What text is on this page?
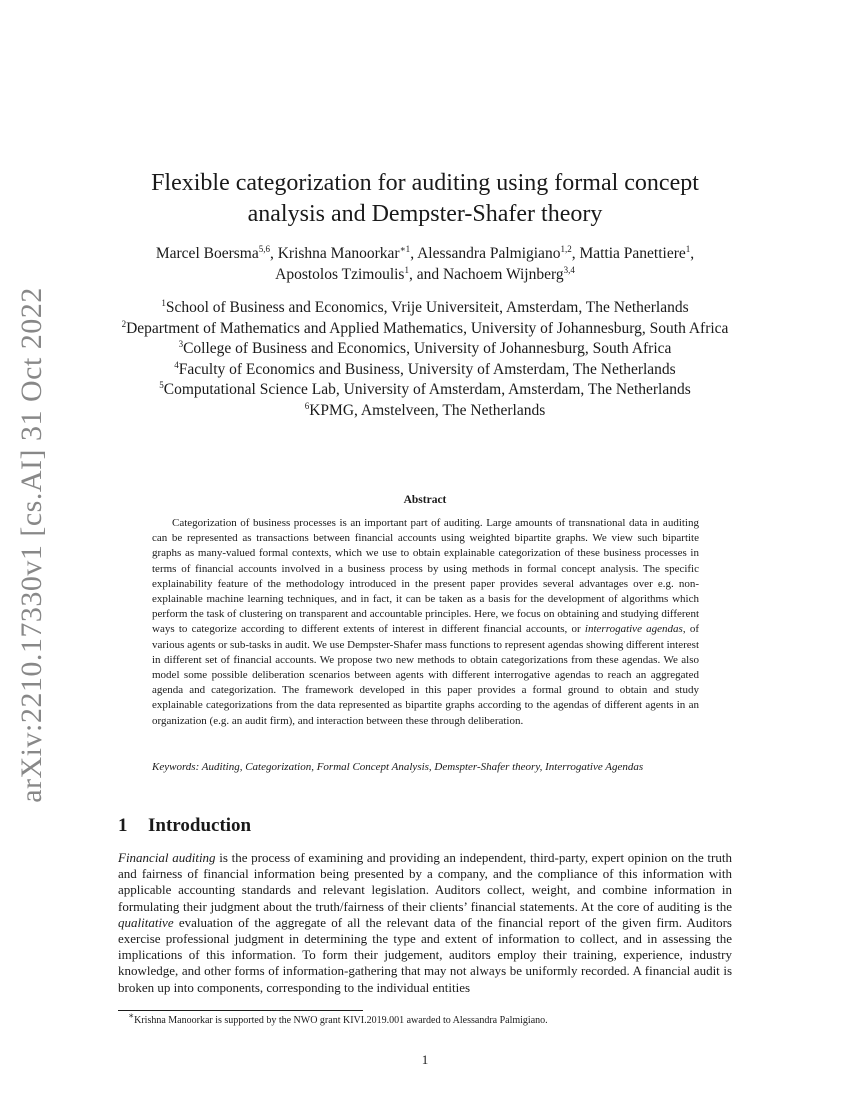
arXiv:2210.17330v1 [cs.AI] 31 Oct 2022
Flexible categorization for auditing using formal concept
analysis and Dempster-Shafer theory
Marcel Boersma$^{5,6}$, Krishna Manoorkar$^{∗1}$, Alessandra Palmigiano$^{1,2}$, Mattia Panettiere$^1$,
Apostolos Tzimoulis$^1$, and Nachoem Wijnberg$^{3,4}$
$^1$School of Business and Economics, Vrije Universiteit, Amsterdam, The Netherlands
$^2$Department of Mathematics and Applied Mathematics, University of Johannesburg, South Africa
$^3$College of Business and Economics, University of Johannesburg, South Africa
$^4$Faculty of Economics and Business, University of Amsterdam, The Netherlands
$^5$Computational Science Lab, University of Amsterdam, Amsterdam, The Netherlands
$^6$KPMG, Amstelveen, The Netherlands
Abstract
Categorization of business processes is an important part of auditing. Large amounts of transnational data in auditing can be represented as transactions between financial accounts using weighted bipartite graphs. We view such bipartite graphs as many-valued formal contexts, which we use to obtain explainable categorization of these business processes in terms of financial accounts involved in a business process by using methods in formal concept analysis. The specific explainability feature of the methodology introduced in the present paper provides several advantages over e.g. non-explainable machine learning techniques, and in fact, it can be taken as a basis for the development of algorithms which perform the task of clustering on transparent and accountable principles. Here, we focus on obtaining and studying different ways to categorize according to different extents of interest in different financial accounts, or interrogative agendas, of various agents or sub-tasks in audit. We use Dempster-Shafer mass functions to represent agendas showing different interest in different set of financial accounts. We propose two new methods to obtain categorizations from these agendas. We also model some possible deliberation scenarios between agents with different interrogative agendas to reach an aggregated agenda and categorization. The framework developed in this paper provides a formal ground to obtain and study explainable categorizations from the data represented as bipartite graphs according to the agendas of different agents in an organization (e.g. an audit firm), and interaction between these through deliberation.
Keywords: Auditing, Categorization, Formal Concept Analysis, Demspter-Shafer theory, Interrogative Agendas
1 Introduction
Financial auditing is the process of examining and providing an independent, third-party, expert opinion on the truth and fairness of financial information being presented by a company, and the compliance of this information with applicable accounting standards and relevant legislation. Auditors collect, weight, and combine information in formulating their judgment about the truth/fairness of their clients’ financial statements. At the core of auditing is the qualitative evaluation of the aggregate of all the relevant data of the financial report of the given firm. Auditors exercise professional judgment in determining the type and extent of information to collect, and in assessing the implications of this information. To form their judgement, auditors employ their training, experience, industry knowledge, and other forms of information-gathering that may not always be uniformly recorded. A financial audit is broken up into components, corresponding to the individual entities
∗Krishna Manoorkar is supported by the NWO grant KIVI.2019.001 awarded to Alessandra Palmigiano.
1
